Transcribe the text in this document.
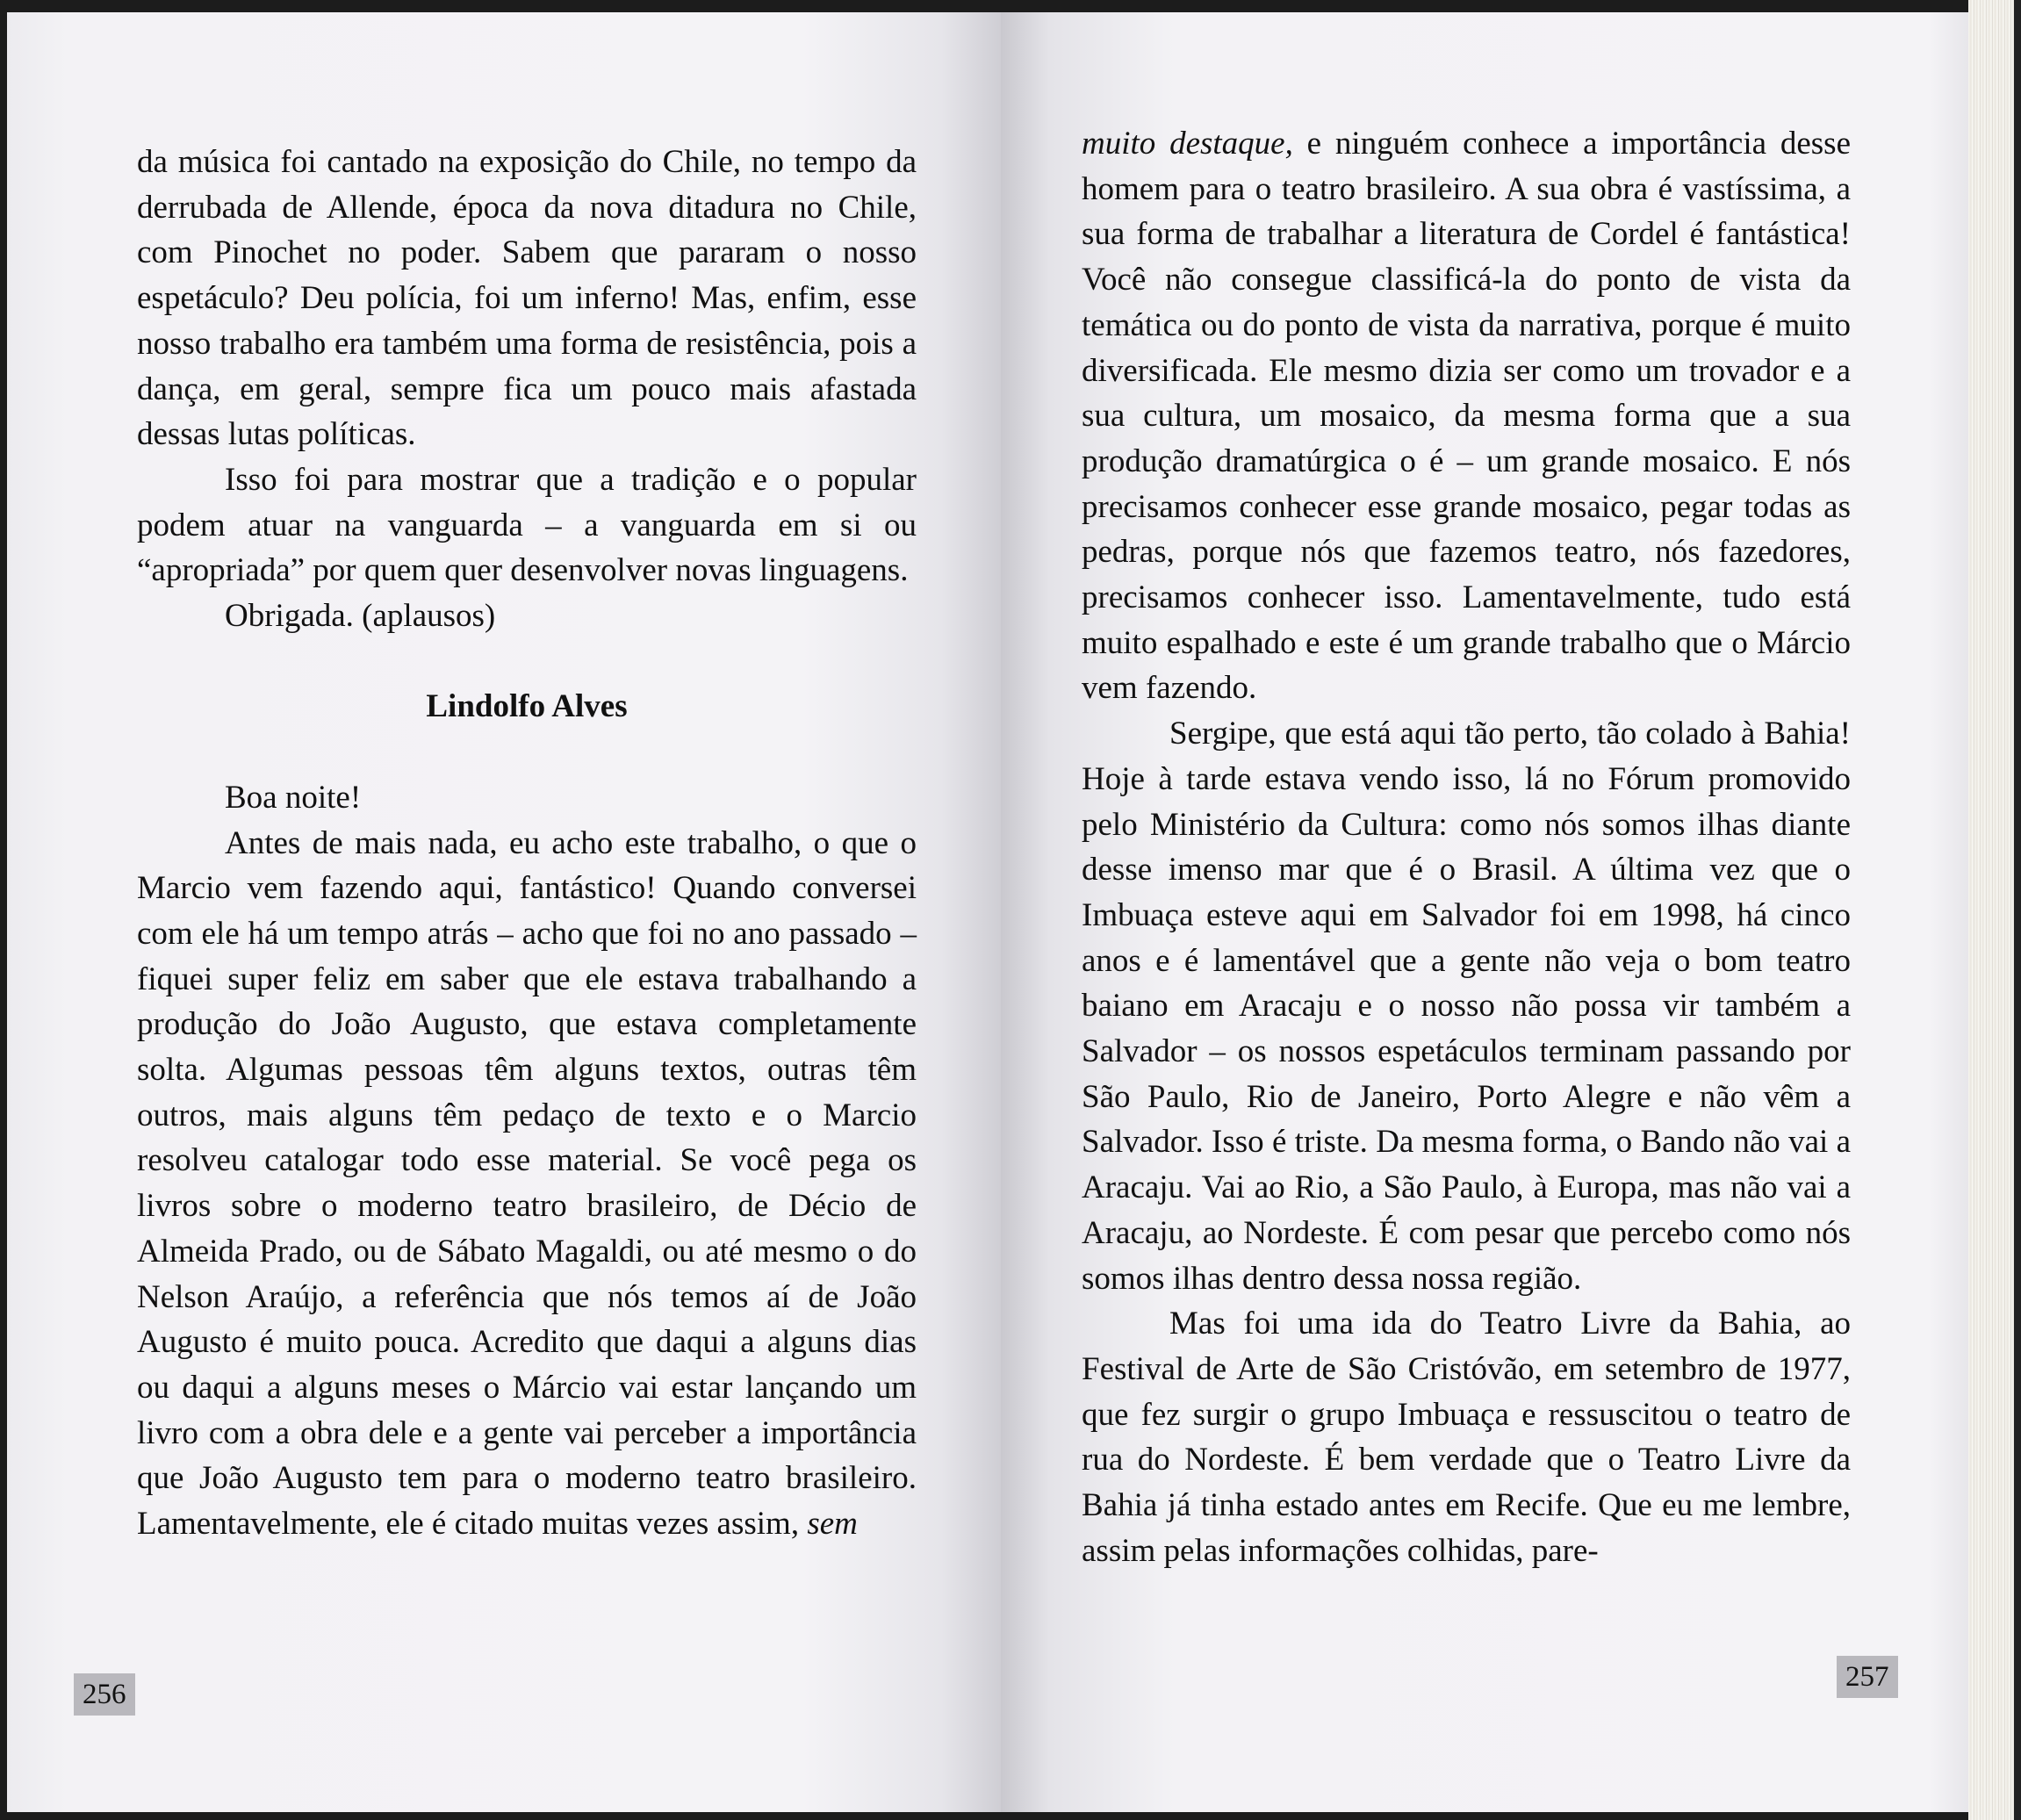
da música foi cantado na exposição do Chile, no tempo da derrubada de Allende, época da nova ditadura no Chile, com Pinochet no poder. Sabem que pararam o nosso espetáculo? Deu polícia, foi um inferno! Mas, enfim, esse nosso trabalho era também uma forma de resistência, pois a dança, em geral, sempre fica um pouco mais afastada dessas lutas políticas.

Isso foi para mostrar que a tradição e o popular podem atuar na vanguarda – a vanguarda em si ou “apropriada” por quem quer desenvolver novas linguagens.

Obrigada. (aplausos)

Lindolfo Alves

Boa noite!

Antes de mais nada, eu acho este trabalho, o que o Marcio vem fazendo aqui, fantástico! Quando conversei com ele há um tempo atrás – acho que foi no ano passado – fiquei super feliz em saber que ele estava trabalhando a produção do João Augusto, que estava completamente solta. Algumas pessoas têm alguns textos, outras têm outros, mais alguns têm pedaço de texto e o Marcio resolveu catalogar todo esse material. Se você pega os livros sobre o moderno teatro brasileiro, de Décio de Almeida Prado, ou de Sábato Magaldi, ou até mesmo o do Nelson Araújo, a referência que nós temos aí de João Augusto é muito pouca. Acredito que daqui a alguns dias ou daqui a alguns meses o Márcio vai estar lançando um livro com a obra dele e a gente vai perceber a importância que João Augusto tem para o moderno teatro brasileiro. Lamentavelmente, ele é citado muitas vezes assim, sem

256

muito destaque, e ninguém conhece a importância desse homem para o teatro brasileiro. A sua obra é vastíssima, a sua forma de trabalhar a literatura de Cordel é fantástica! Você não consegue classificá-la do ponto de vista da temática ou do ponto de vista da narrativa, porque é muito diversificada. Ele mesmo dizia ser como um trovador e a sua cultura, um mosaico, da mesma forma que a sua produção dramatúrgica o é – um grande mosaico. E nós precisamos conhecer esse grande mosaico, pegar todas as pedras, porque nós que fazemos teatro, nós fazedores, precisamos conhecer isso. Lamentavelmente, tudo está muito espalhado e este é um grande trabalho que o Márcio vem fazendo.

Sergipe, que está aqui tão perto, tão colado à Bahia! Hoje à tarde estava vendo isso, lá no Fórum promovido pelo Ministério da Cultura: como nós somos ilhas diante desse imenso mar que é o Brasil. A última vez que o Imbuaça esteve aqui em Salvador foi em 1998, há cinco anos e é lamentável que a gente não veja o bom teatro baiano em Aracaju e o nosso não possa vir também a Salvador – os nossos espetáculos terminam passando por São Paulo, Rio de Janeiro, Porto Alegre e não vêm a Salvador. Isso é triste. Da mesma forma, o Bando não vai a Aracaju. Vai ao Rio, a São Paulo, à Europa, mas não vai a Aracaju, ao Nordeste. É com pesar que percebo como nós somos ilhas dentro dessa nossa região.

Mas foi uma ida do Teatro Livre da Bahia, ao Festival de Arte de São Cristóvão, em setembro de 1977, que fez surgir o grupo Imbuaça e ressuscitou o teatro de rua do Nordeste. É bem verdade que o Teatro Livre da Bahia já tinha estado antes em Recife. Que eu me lembre, assim pelas informações colhidas, pare-

257
